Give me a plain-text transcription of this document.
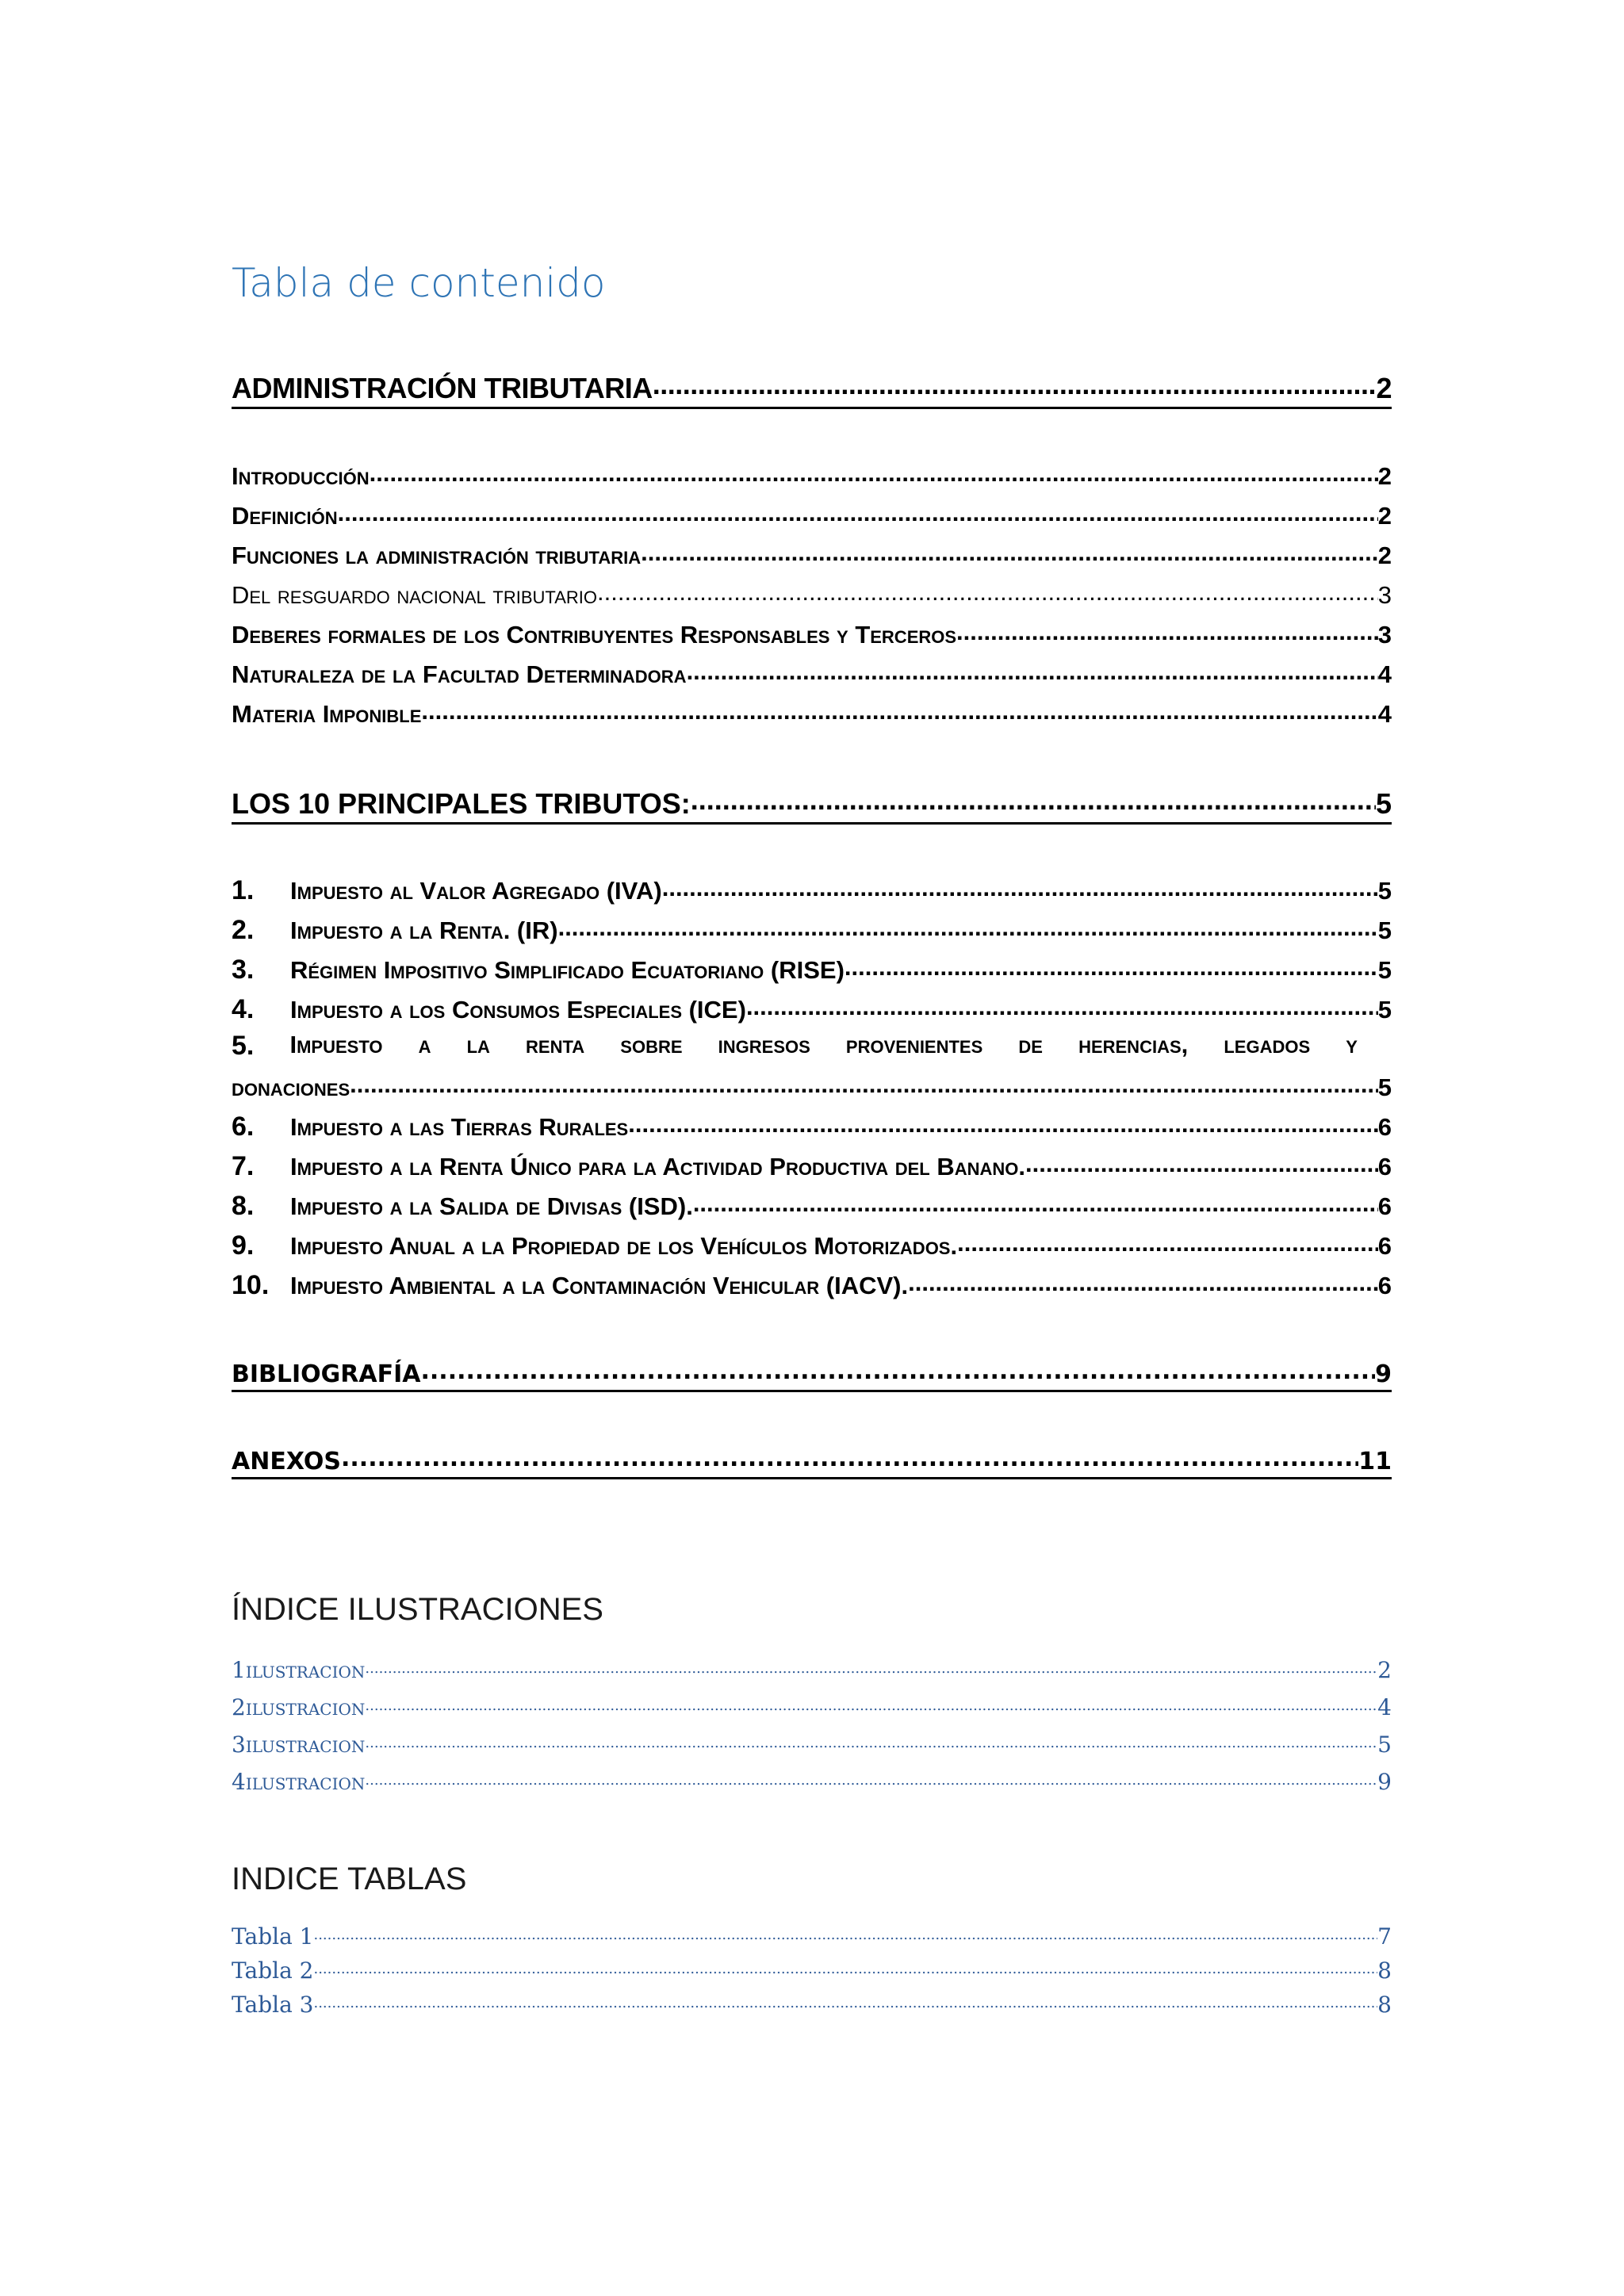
Tabla de contenido
ADMINISTRACIÓN TRIBUTARIA .....	2
Introducción .....	2
Definición .....	2
Funciones la administración tributaria .....	2
Del resguardo nacional tributario .....	3
Deberes formales de los Contribuyentes Responsables y Terceros .....	3
Naturaleza de la Facultad Determinadora .....	4
Materia Imponible .....	4
LOS 10 PRINCIPALES TRIBUTOS: .....	5
1. Impuesto al Valor Agregado (IVA) .....	5
2. Impuesto a la Renta. (IR) .....	5
3. Régimen Impositivo Simplificado Ecuatoriano (RISE) .....	5
4. Impuesto a los Consumos Especiales (ICE) .....	5
5. Impuesto a la renta sobre ingresos provenientes de herencias, legados y
donaciones .....	5
6. Impuesto a las Tierras Rurales .....	6
7. Impuesto a la Renta Único para la Actividad Productiva del Banano. .....	6
8. Impuesto a la Salida de Divisas (ISD). .....	6
9. Impuesto Anual a la Propiedad de los Vehículos Motorizados. .....	6
10. Impuesto Ambiental a la Contaminación Vehicular (IACV). .....	6
BIBLIOGRAFÍA .....	9
ANEXOS .....	11
ÍNDICE ILUSTRACIONES
1ilustracion .....	2
2ilustracion .....	4
3ilustracion .....	5
4ilustracion .....	9
INDICE TABLAS
Tabla 1 .....	7
Tabla 2 .....	8
Tabla 3 .....	8
